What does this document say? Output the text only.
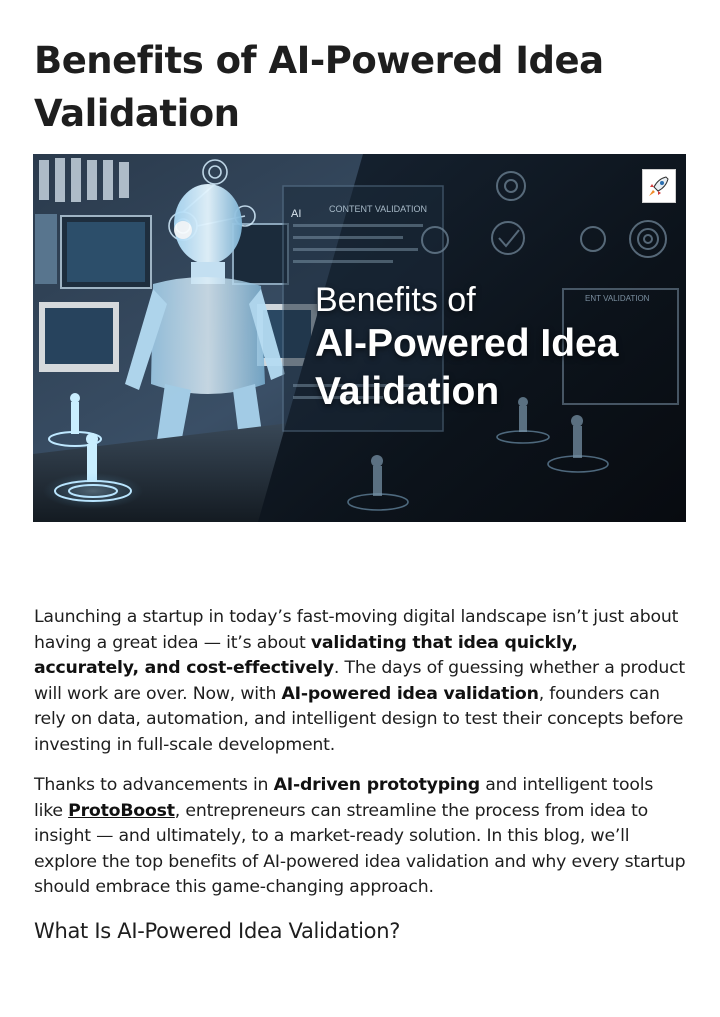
Benefits of AI-Powered Idea Validation
AI	CONTENT VALIDATION
ENT VALIDATION
Benefits of
AI-Powered Idea
Validation

Launching a startup in today’s fast-moving digital landscape isn’t just about having a great idea — it’s about validating that idea quickly, accurately, and cost-effectively. The days of guessing whether a product will work are over. Now, with AI-powered idea validation, founders can rely on data, automation, and intelligent design to test their concepts before investing in full-scale development.

Thanks to advancements in AI-driven prototyping and intelligent tools like ProtoBoost, entrepreneurs can streamline the process from idea to insight — and ultimately, to a market-ready solution. In this blog, we’ll explore the top benefits of AI-powered idea validation and why every startup should embrace this game-changing approach.

What Is AI-Powered Idea Validation?
